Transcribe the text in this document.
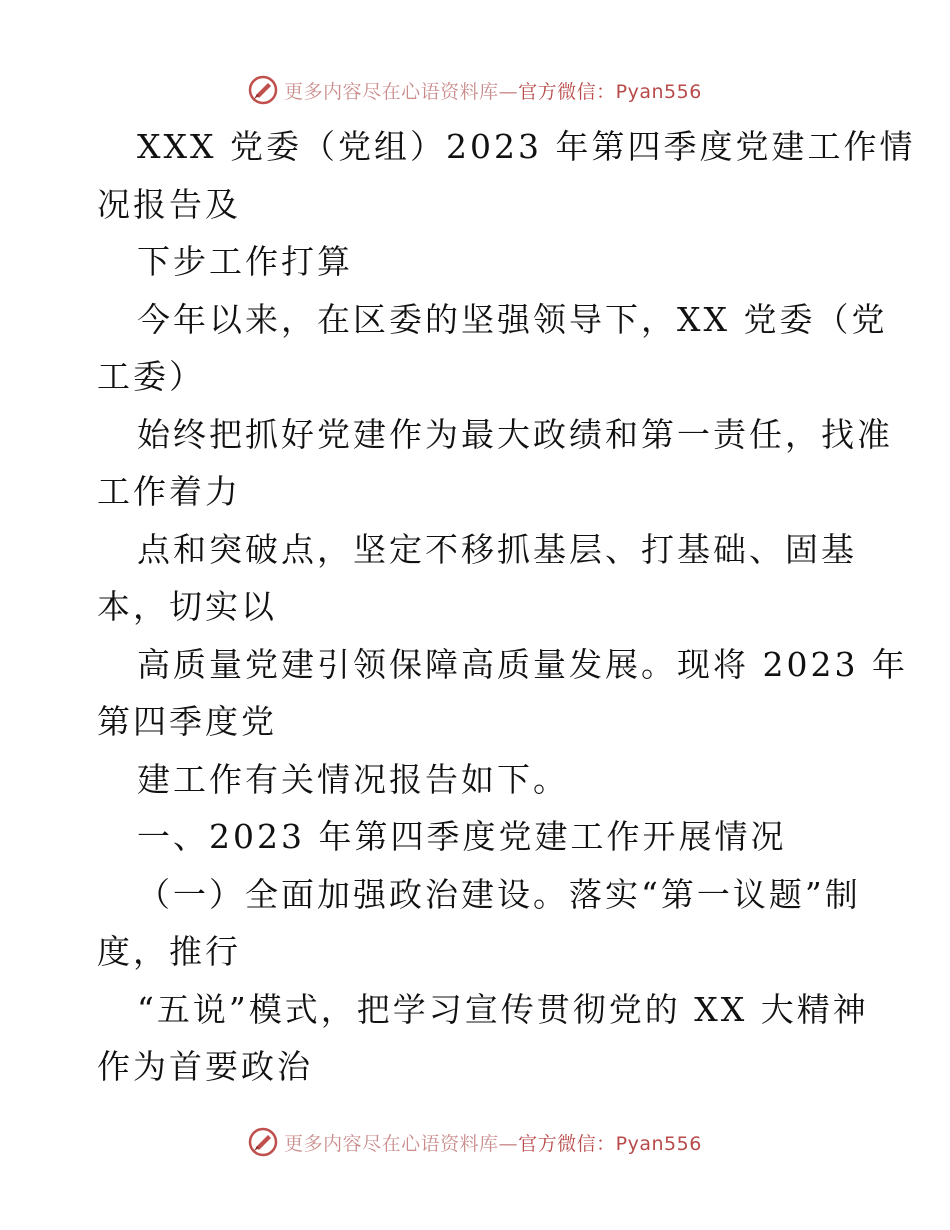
更多内容尽在心语资料库—官方微信：Pyan556
XXX 党委（党组）2023 年第四季度党建工作情
况报告及
下步工作打算
今年以来，在区委的坚强领导下，XX 党委（党
工委）
始终把抓好党建作为最大政绩和第一责任，找准
工作着力
点和突破点，坚定不移抓基层、打基础、固基
本，切实以
高质量党建引领保障高质量发展。现将 2023 年
第四季度党
建工作有关情况报告如下。
一、2023 年第四季度党建工作开展情况
（一）全面加强政治建设。落实“第一议题”制
度，推行
“五说”模式，把学习宣传贯彻党的 XX 大精神
作为首要政治
更多内容尽在心语资料库—官方微信：Pyan556
